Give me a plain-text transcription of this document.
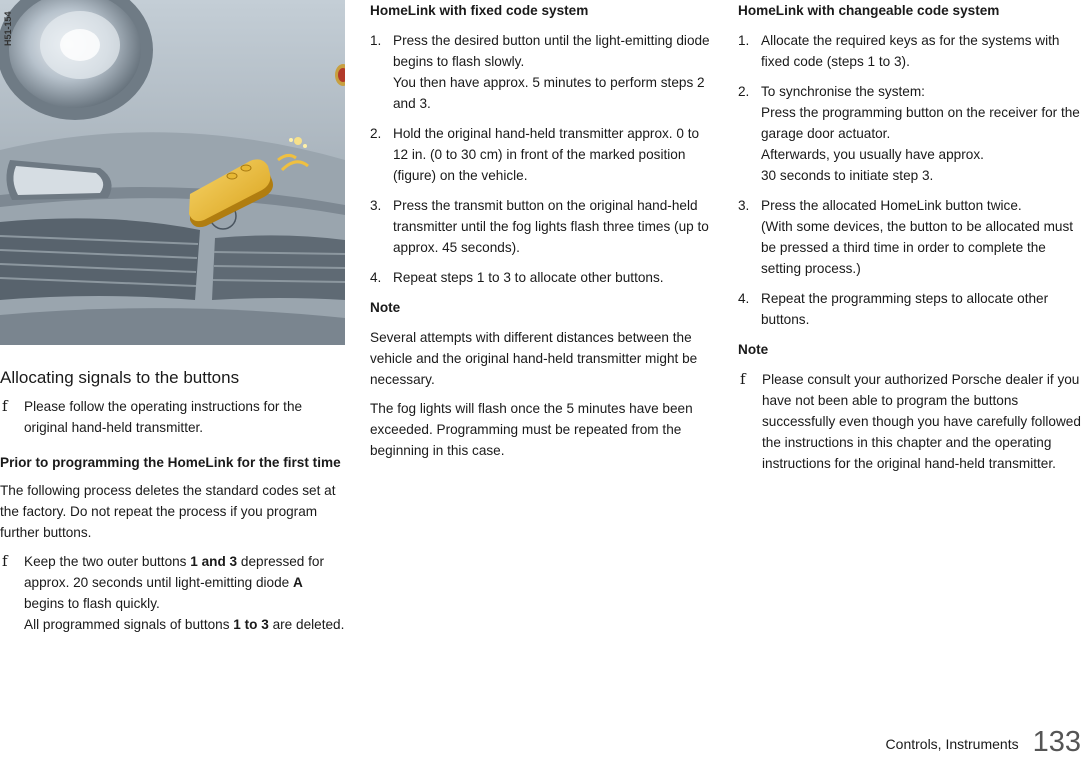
H51-154
Allocating signals to the buttons
f Please follow the operating instructions for the original hand-held transmitter.
Prior to programming the HomeLink for the first time

The following process deletes the standard codes set at the factory. Do not repeat the process if you program further buttons.

f Keep the two outer buttons 1 and 3 depressed for approx. 20 seconds until light-emitting diode A begins to flash quickly.
All programmed signals of buttons 1 to 3 are deleted.
HomeLink with fixed code system
1. Press the desired button until the light-emitting diode begins to flash slowly.
You then have approx. 5 minutes to perform steps 2 and 3.
2. Hold the original hand-held transmitter approx. 0 to 12 in. (0 to 30 cm) in front of the marked position (figure) on the vehicle.
3. Press the transmit button on the original hand-held transmitter until the fog lights flash three times (up to approx. 45 seconds).
4. Repeat steps 1 to 3 to allocate other buttons.
Note

Several attempts with different distances between the vehicle and the original hand-held transmitter might be necessary.

The fog lights will flash once the 5 minutes have been exceeded. Programming must be repeated from the beginning in this case.

HomeLink with changeable code system
1. Allocate the required keys as for the systems with fixed code (steps 1 to 3).
2. To synchronise the system:
Press the programming button on the receiver for the garage door actuator.
Afterwards, you usually have approx.
30 seconds to initiate step 3.
3. Press the allocated HomeLink button twice.
(With some devices, the button to be allocated must be pressed a third time in order to complete the setting process.)
4. Repeat the programming steps to allocate other buttons.
Note
f Please consult your authorized Porsche dealer if you have not been able to program the buttons successfully even though you have carefully followed the instructions in this chapter and the operating instructions for the original hand-held transmitter.
Controls, Instruments 133
